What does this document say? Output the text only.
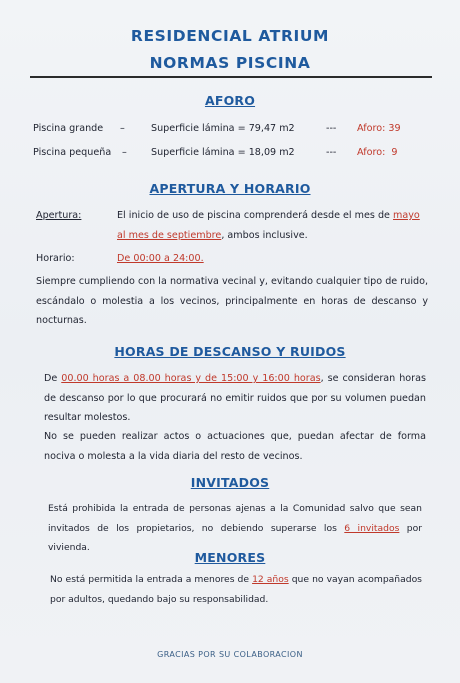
RESIDENCIAL ATRIUM
NORMAS PISCINA
AFORO
Piscina grande –	Superficie lámina = 79,47 m2	--- Aforo: 39
Piscina pequeña –	Superficie lámina = 18,09 m2	--- Aforo:  9
APERTURA Y HORARIO
Apertura:	El inicio de uso de piscina comprenderá desde el mes de mayo
al mes de septiembre, ambos inclusive.
Horario:	De 00:00 a 24:00.
Siempre cumpliendo con la normativa vecinal y, evitando cualquier tipo de ruido, escándalo o molestia a los vecinos, principalmente en horas de descanso y nocturnas.
HORAS DE DESCANSO Y RUIDOS
De 00.00 horas a 08.00 horas y de 15:00 y 16:00 horas, se consideran horas de descanso por lo que procurará no emitir ruidos que por su volumen puedan resultar molestos.
No se pueden realizar actos o actuaciones que, puedan afectar de forma nociva o molesta a la vida diaria del resto de vecinos.
INVITADOS
Está prohibida la entrada de personas ajenas a la Comunidad salvo que sean invitados de los propietarios, no debiendo superarse los 6 invitados por vivienda.
MENORES
No está permitida la entrada a menores de 12 años que no vayan acompañados por adultos, quedando bajo su responsabilidad.
GRACIAS POR SU COLABORACION
